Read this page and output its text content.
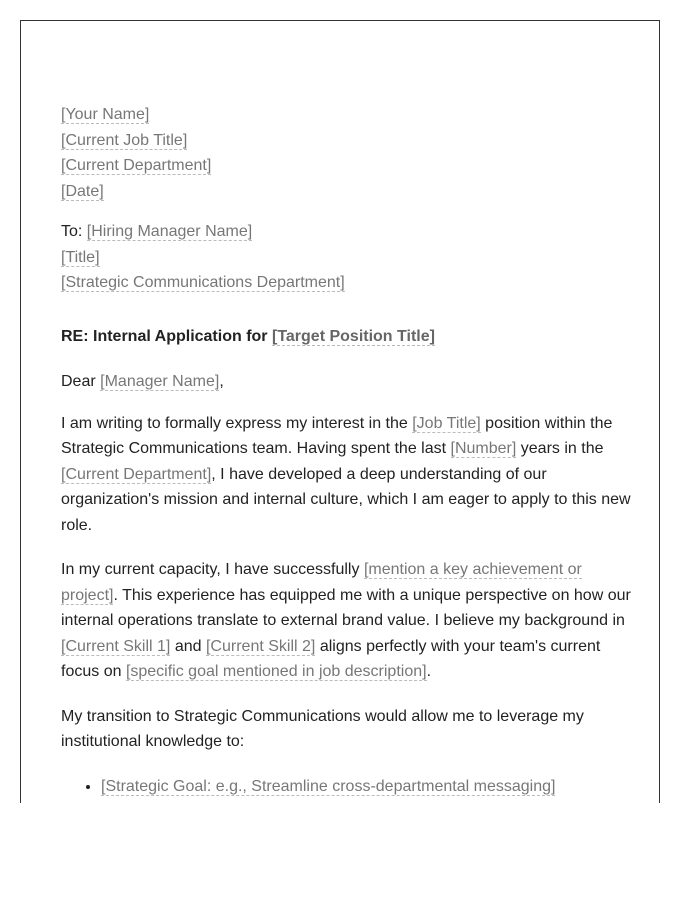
[Your Name]
[Current Job Title]
[Current Department]
[Date]
To: [Hiring Manager Name]
[Title]
[Strategic Communications Department]
RE: Internal Application for [Target Position Title]
Dear [Manager Name],

I am writing to formally express my interest in the [Job Title] position within the Strategic Communications team. Having spent the last [Number] years in the [Current Department], I have developed a deep understanding of our organization's mission and internal culture, which I am eager to apply to this new role.

In my current capacity, I have successfully [mention a key achievement or project]. This experience has equipped me with a unique perspective on how our internal operations translate to external brand value. I believe my background in [Current Skill 1] and [Current Skill 2] aligns perfectly with your team's current focus on [specific goal mentioned in job description].

My transition to Strategic Communications would allow me to leverage my institutional knowledge to:

• [Strategic Goal: e.g., Streamline cross-departmental messaging]
